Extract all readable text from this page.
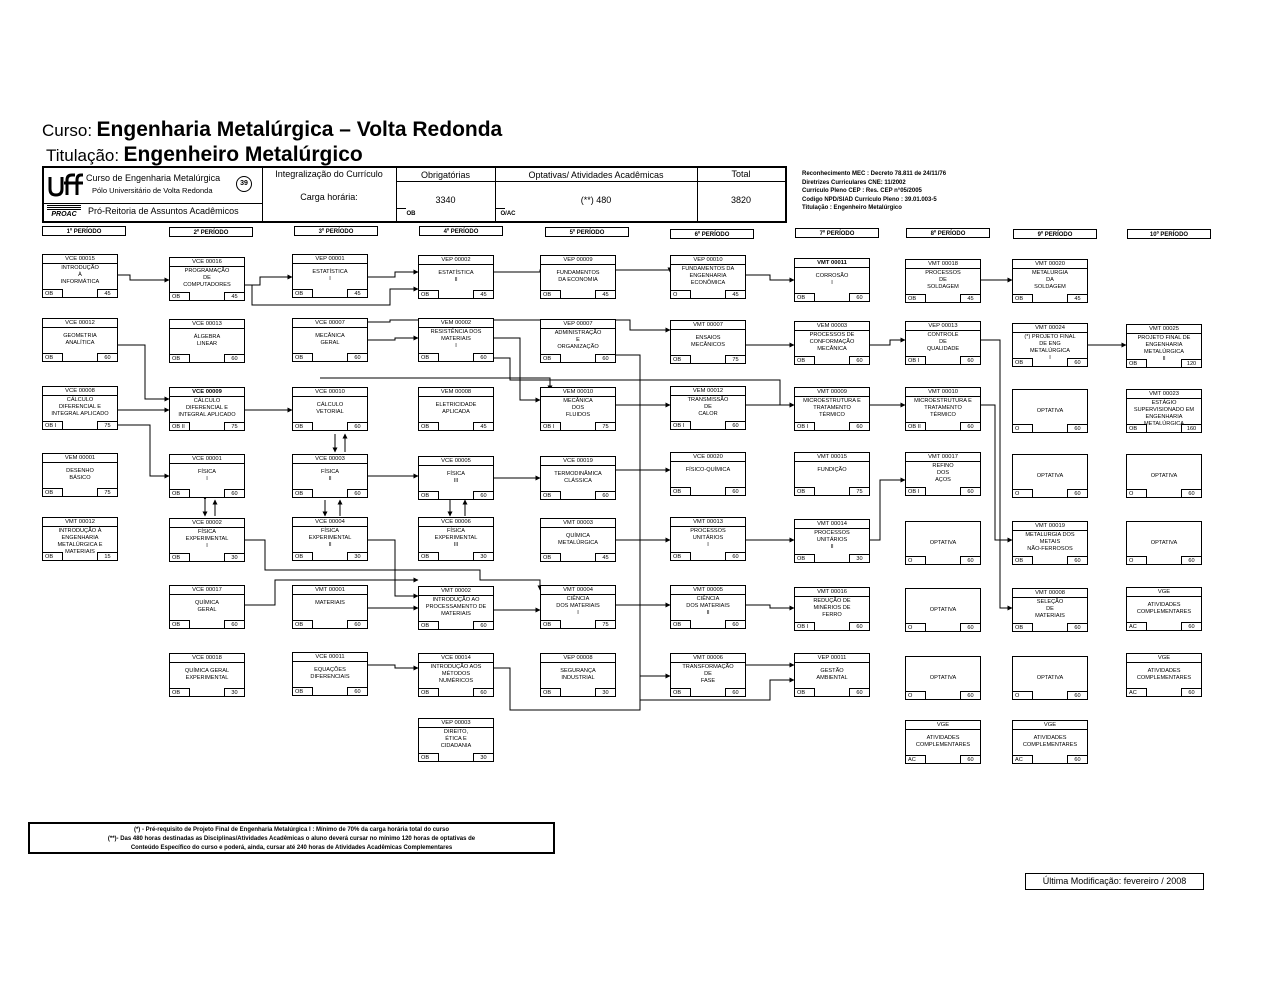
Curso: Engenharia Metalúrgica – Volta Redonda
Titulação: Engenheiro Metalúrgico
Curso de Engenharia Metalúrgica
Pólo Universitário de Volta Redonda
39
PROAC	Pró-Reitoria de Assuntos Acadêmicos
Integralização do Currículo
Carga horária:
Obrigatórias
3340
OB
Optativas/ Atividades Acadêmicas
(**) 480
O/AC
Total
3820
Reconhecimento MEC : Decreto 78.811 de 24/11/76
Diretrizes Curriculares CNE: 11/2002
Currículo Pleno CEP : Res. CEP n°05/2005
Codigo NPD/SIAD Currículo Pleno : 39.01.003-5
Titulação : Engenheiro Metalúrgico
1º PERÍODO	2º PERÍODO	3º PERÍODO	4º PERÍODO	5º PERÍODO	6º PERÍODO	7º PERÍODO	8º PERÍODO	9º PERÍODO	10º PERÍODO
VCE 00015
INTRODUÇÃO
À
INFORMÁTICA
OB	45
VCE 00012
GEOMETRIA
ANALÍTICA
OB	60
VCE 00008
CÁLCULO
DIFERENCIAL E
INTEGRAL APLICADO
OB I	75
VEM 00001
DESENHO
BÁSICO
OB	75
VMT 00012
INTRODUÇÃO À
ENGENHARIA
METALÚRGICA E
MATERIAIS
OB	15
VCE 00016
PROGRAMAÇÃO
DE
COMPUTADORES
OB	45
VCE 00013
ÁLGEBRA
LINEAR
OB	60
VCE 00009
CÁLCULO
DIFERENCIAL E
INTEGRAL APLICADO
OB II	75
VCE 00001
FÍSICA
I
OB	60
VCE 00002
FÍSICA
EXPERIMENTAL
I
OB	30
VCE 00017
QUÍMICA
GERAL
OB	60
VCE 00018
QUÍMICA GERAL
EXPERIMENTAL
OB	30
VEP 00001
ESTATÍSTICA
I
OB	45
VCE 00007
MECÂNICA
GERAL
OB	60
VCE 00010
CÁLCULO
VETORIAL
OB	60
VCE 00003
FÍSICA
II
OB	60
VCE 00004
FÍSICA
EXPERIMENTAL
II
OB	30
VMT 00001
MATERIAIS
OB	60
VCE 00011
EQUAÇÕES
DIFERENCIAIS
OB	60
VEP 00002
ESTATÍSTICA
II
OB	45
VEM 00002
RESISTÊNCIA DOS
MATERIAIS
I
OB	60
VEM 00008
ELETRICIDADE
APLICADA
OB	45
VCE 00005
FÍSICA
III
OB	60
VCE 00006
FÍSICA
EXPERIMENTAL
III
OB	30
VMT 00002
INTRODUÇÃO AO
PROCESSAMENTO DE
MATERIAIS
OB	60
VCE 00014
INTRODUÇÃO AOS
MÉTODOS
NUMÉRICOS
OB	60
VEP 00003
DIREITO,
ÉTICA E
CIDADANIA
OB	30
VEP 00009
FUNDAMENTOS
DA ECONOMIA
OB	45
VEP 00007
ADMINISTRAÇÃO
E
ORGANIZAÇÃO
OB	60
VEM 00010
MECÂNICA
DOS
FLUIDOS
OB I	75
VCE 00019
TERMODINÂMICA
CLÁSSICA
OB	60
VMT 00003
QUÍMICA
METALÚRGICA
OB	45
VMT 00004
CIÊNCIA
DOS MATERIAIS
I
OB	75
VEP 00008
SEGURANÇA
INDUSTRIAL
OB	30
VEP 00010
FUNDAMENTOS DA
ENGENHARIA
ECONÔMICA
O	45
VMT 00007
ENSAIOS
MECÂNICOS
OB	75
VEM 00012
TRANSMISSÃO
DE
CALOR
OB I	60
VCE 00020
FÍSICO-QUÍMICA
OB	60
VMT 00013
PROCESSOS
UNITÁRIOS
I
OB	60
VMT 00005
CIÊNCIA
DOS MATERIAIS
II
OB	60
VMT 00006
TRANSFORMAÇÃO
DE
FASE
OB	60
VMT 00011
CORROSÃO
I
OB	60
VEM 00003
PROCESSOS DE
CONFORMAÇÃO
MECÂNICA
OB	60
VMT 00009
MICROESTRUTURA E
TRATAMENTO
TÉRMICO
OB I	60
VMT 00015
FUNDIÇÃO
OB	75
VMT 00014
PROCESSOS
UNITÁRIOS
II
OB	30
VMT 00016
REDUÇÃO DE
MINÉRIOS DE
FERRO
OB I	60
VEP 00011
GESTÃO
AMBIENTAL
OB	60
VMT 00018
PROCESSOS
DE
SOLDAGEM
OB	45
VEP 00013
CONTROLE
DE
QUALIDADE
OB I	60
VMT 00010
MICROESTRUTURA E
TRATAMENTO
TÉRMICO
OB II	60
VMT 00017
REFINO
DOS
AÇOS
OB I	60
OPTATIVA
O	60
OPTATIVA
O	60
OPTATIVA
O	60
VGE
ATIVIDADES
COMPLEMENTARES
AC	60
VMT 00020
METALURGIA
DA
SOLDAGEM
OB	45
VMT 00024
(*) PROJETO FINAL
DE ENG
METALÚRGICA
I
OB	60
OPTATIVA
O	60
OPTATIVA
O	60
VMT 00019
METALURGIA DOS
METAIS
NÃO-FERROSOS
OB	60
VMT 00008
SELEÇÃO
DE
MATERIAIS
OB	60
OPTATIVA
O	60
VGE
ATIVIDADES
COMPLEMENTARES
AC	60
VMT 00025
PROJETO FINAL DE
ENGENHARIA
METALÚRGICA
II
OB	120
VMT 00023
ESTÁGIO
SUPERVISIONADO EM
ENGENHARIA
METALÚRGICA
OB	160
OPTATIVA
O	60
OPTATIVA
O	60
VGE
ATIVIDADES
COMPLEMENTARES
AC	60
VGE
ATIVIDADES
COMPLEMENTARES
AC	60
(*) - Pré-requisito de Projeto Final de Engenharia Metalúrgica I : Mínimo de 70% da carga horária total do curso
(**)- Das 480 horas destinadas as Disciplinas/Atividades Acadêmicas o aluno deverá cursar no mínimo 120 horas de optativas de
Conteúdo Específico do curso e poderá, ainda, cursar até 240 horas de Atividades Acadêmicas Complementares
Última Modificação: fevereiro / 2008
